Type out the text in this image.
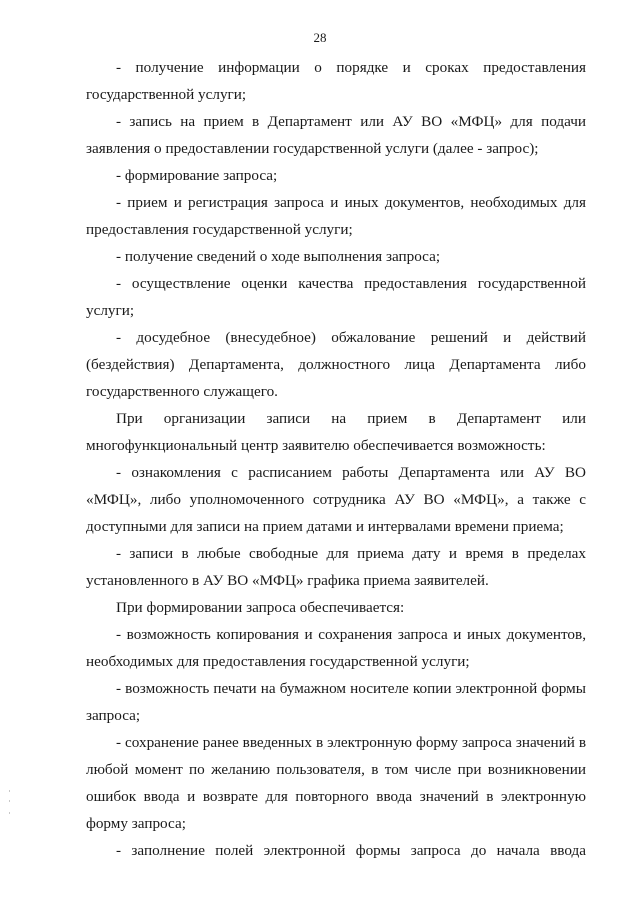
28

- получение информации о порядке и сроках предоставления государственной услуги;

- запись на прием в Департамент или АУ ВО «МФЦ» для подачи заявления о предоставлении государственной услуги (далее - запрос);

- формирование запроса;

- прием и регистрация запроса и иных документов, необходимых для предоставления государственной услуги;

- получение сведений о ходе выполнения запроса;

- осуществление оценки качества предоставления государственной услуги;

- досудебное (внесудебное) обжалование решений и действий (бездействия) Департамента, должностного лица Департамента либо государственного служащего.

При организации записи на прием в Департамент или многофункциональный центр заявителю обеспечивается возможность:

- ознакомления с расписанием работы Департамента или АУ ВО «МФЦ», либо уполномоченного сотрудника АУ ВО «МФЦ», а также с доступными для записи на прием датами и интервалами времени приема;

- записи в любые свободные для приема дату и время в пределах установленного в АУ ВО «МФЦ» графика приема заявителей.

При формировании запроса обеспечивается:

- возможность копирования и сохранения запроса и иных документов, необходимых для предоставления государственной услуги;

- возможность печати на бумажном носителе копии электронной формы запроса;

- сохранение ранее введенных в электронную форму запроса значений в любой момент по желанию пользователя, в том числе при возникновении ошибок ввода и возврате для повторного ввода значений в электронную форму запроса;

- заполнение полей электронной формы запроса до начала ввода
